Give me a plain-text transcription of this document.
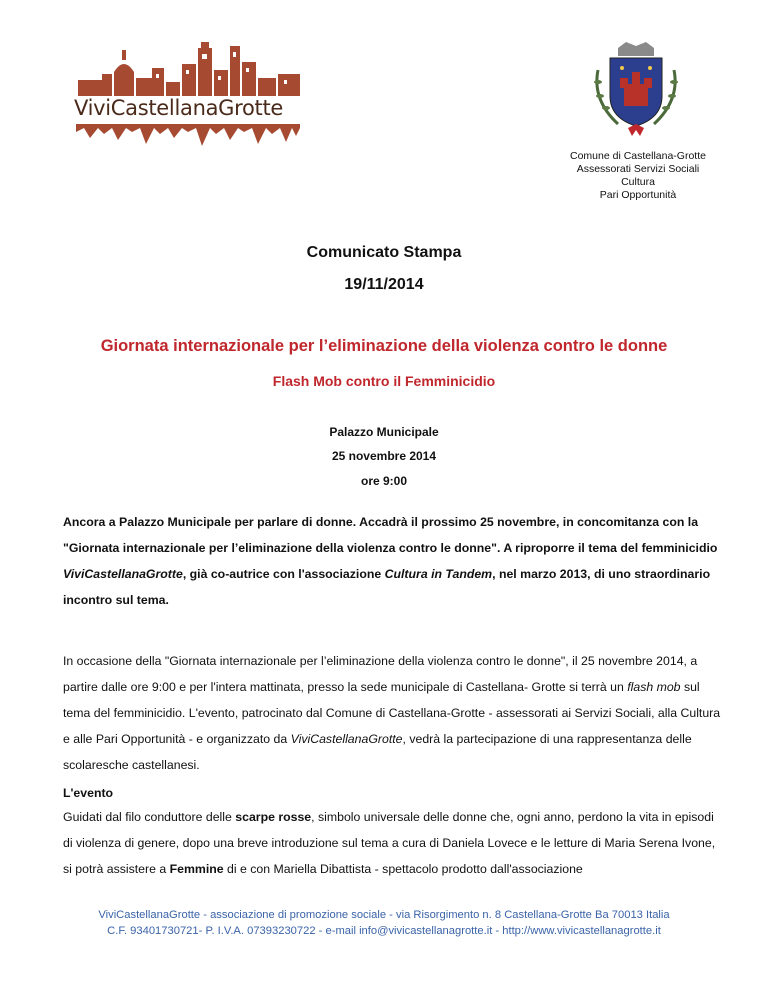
ViviCastellanaGrotte
Comune di Castellana-Grotte
Assessorati Servizi Sociali
Cultura
Pari Opportunità
Comunicato Stampa
19/11/2014
Giornata internazionale per l’eliminazione della violenza contro le donne
Flash Mob contro il Femminicidio
Palazzo Municipale
25 novembre 2014
ore 9:00
Ancora a Palazzo Municipale per parlare di donne. Accadrà il prossimo 25 novembre, in concomitanza con la "Giornata internazionale per l’eliminazione della violenza contro le donne". A riproporre il tema del femminicidio ViviCastellanaGrotte, già co-autrice con l'associazione Cultura in Tandem, nel marzo 2013, di uno straordinario incontro sul tema.
In occasione della "Giornata internazionale per l’eliminazione della violenza contro le donne", il 25 novembre 2014, a partire dalle ore 9:00 e per l'intera mattinata, presso la sede municipale di Castellana- Grotte si terrà un flash mob sul tema del femminicidio. L'evento, patrocinato dal Comune di Castellana-Grotte - assessorati ai Servizi Sociali, alla Cultura e alle Pari Opportunità - e organizzato da ViviCastellanaGrotte, vedrà la partecipazione di una rappresentanza delle scolaresche castellanesi.
L'evento
Guidati dal filo conduttore delle scarpe rosse, simbolo universale delle donne che, ogni anno, perdono la vita in episodi di violenza di genere, dopo una breve introduzione sul tema a cura di Daniela Lovece e le letture di Maria Serena Ivone, si potrà assistere a Femmine di e con Mariella Dibattista - spettacolo prodotto dall'associazione
ViviCastellanaGrotte - associazione di promozione sociale - via Risorgimento n. 8 Castellana-Grotte Ba 70013 Italia
C.F. 93401730721- P. I.V.A. 07393230722 - e-mail info@vivicastellanagrotte.it - http://www.vivicastellanagrotte.it
